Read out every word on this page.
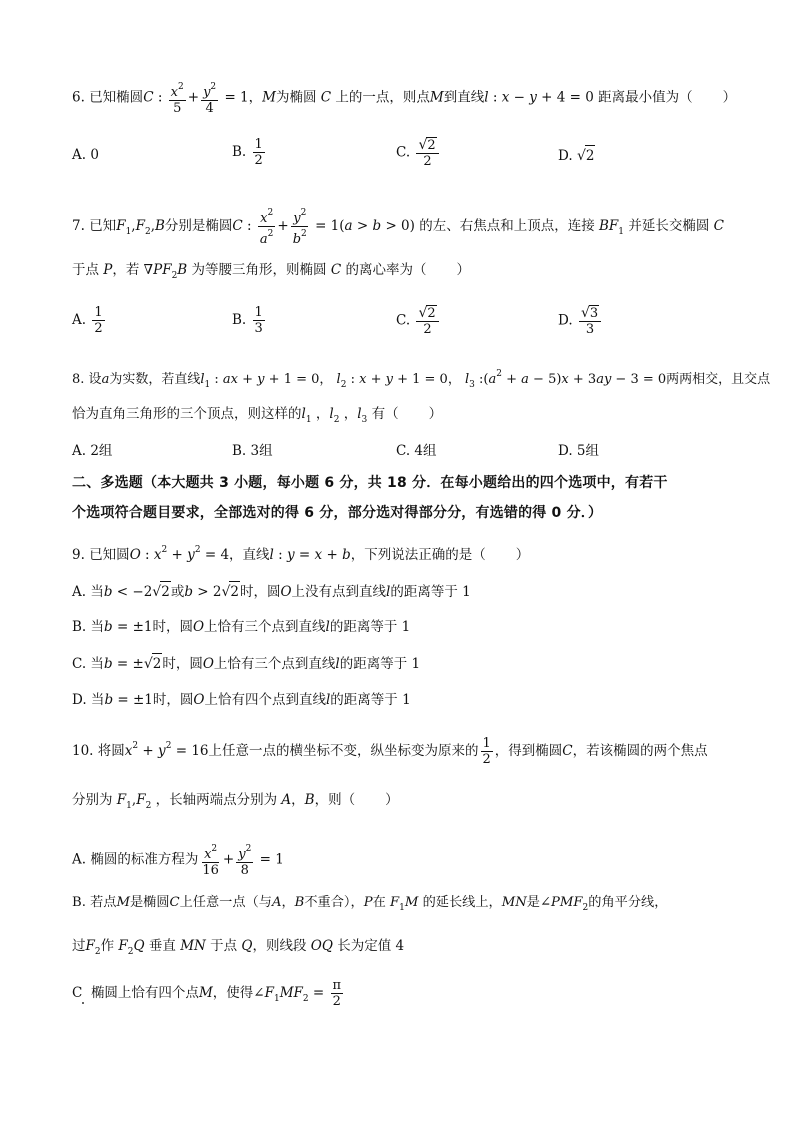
6. 已知椭圆C : $\frac{x^2}{5} + \frac{y^2}{4} = 1$，M为椭圆 C 上的一点，则点M到直线l : x − y + 4 = 0 距离最小值为（ ）
A. 0	B. $\frac{1}{2}$	C. $\frac{√2}{2}$	D. √2
7. 已知$F_1,F_2,B$分别是椭圆C : $\frac{x^2}{a^2} + \frac{y^2}{b^2} = 1(a > b > 0)$ 的左、右焦点和上顶点，连接 $BF_1$ 并延长交椭圆 C
于点 P，若 $\nabla PF_2B$ 为等腰三角形，则椭圆 C 的离心率为（ ）
A. $\frac{1}{2}$	B. $\frac{1}{3}$	C. $\frac{√2}{2}$	D. $\frac{√3}{3}$
8. 设a为实数，若直线$l_1$ : ax + y + 1 = 0， $l_2$ : x + y + 1 = 0， $l_3$ $:(a^2 + a - 5)x + 3ay - 3 = 0$两两相交，且交点
恰为直角三角形的三个顶点，则这样的$l_1$ ，$l_2$ ，$l_3$ 有（ ）
A. 2组	B. 3组	C. 4组	D. 5组
二、多选题（本大题共 3 小题，每小题 6 分，共 18 分．在每小题给出的四个选项中，有若干
个选项符合题目要求，全部选对的得 6 分，部分选对得部分分，有选错的得 0 分．）
9. 已知圆O : $x^2 + y^2 = 4$，直线l : y = x + b，下列说法正确的是（ ）
A. 当b < −2√2或b > 2√2时，圆O上没有点到直线l的距离等于 1
B. 当b = ±1时，圆O上恰有三个点到直线l的距离等于 1
C. 当b = ±√2时，圆O上恰有三个点到直线l的距离等于 1
D. 当b = ±1时，圆O上恰有四个点到直线l的距离等于 1
10. 将圆$x^2 + y^2 = 16$上任意一点的横坐标不变，纵坐标变为原来的 $\frac{1}{2}$ ，得到椭圆C，若该椭圆的两个焦点
分别为 $F_1,F_2$ ，长轴两端点分别为 A，B，则（ ）
A. 椭圆的标准方程为 $\frac{x^2}{16} + \frac{y^2}{8} = 1$
B. 若点M是椭圆C上任意一点（与A，B不重合），P在 $F_1M$ 的延长线上，MN是$\angle PMF_2$的角平分线，
过$F_2$作 $F_2Q$ 垂直 MN 于点 Q，则线段 OQ 长为定值 4
C 椭圆上恰有四个点M，使得$\angle F_1MF_2 = \frac{\pi}{2}$
